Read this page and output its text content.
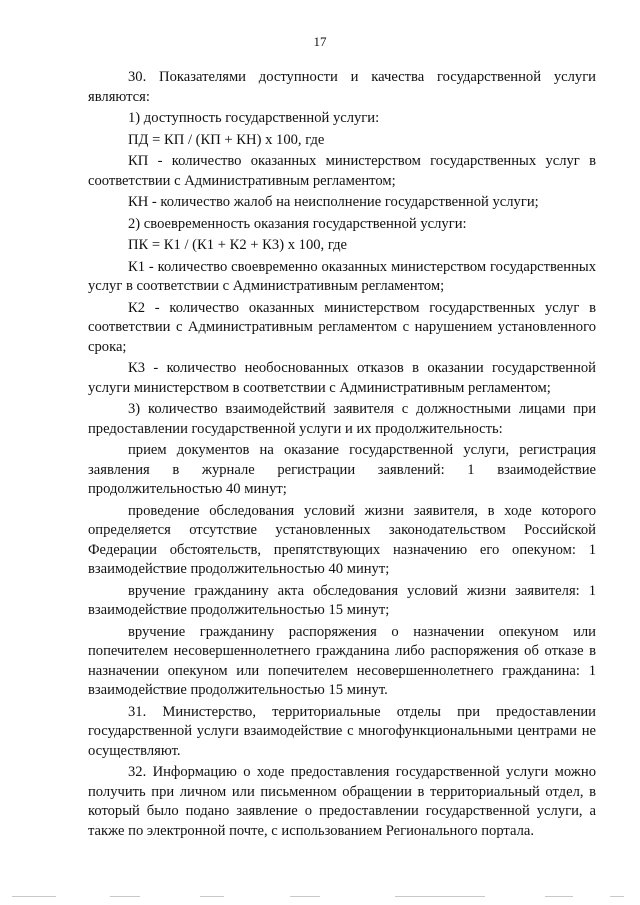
17

30. Показателями доступности и качества государственной услуги являются:

1) доступность государственной услуги:

ПД = КП / (КП + КН) х 100, где

КП - количество оказанных министерством государственных услуг в соответствии с Административным регламентом;

КН - количество жалоб на неисполнение государственной услуги;

2) своевременность оказания государственной услуги:

ПК = К1 / (К1 + К2 + К3) х 100, где

К1 - количество своевременно оказанных министерством государственных услуг в соответствии с Административным регламентом;

К2 - количество оказанных министерством государственных услуг в соответствии с Административным регламентом с нарушением установленного срока;

К3 - количество необоснованных отказов в оказании государственной услуги министерством в соответствии с Административным регламентом;

3) количество взаимодействий заявителя с должностными лицами при предоставлении государственной услуги и их продолжительность:

прием документов на оказание государственной услуги, регистрация заявления в журнале регистрации заявлений: 1 взаимодействие продолжительностью 40 минут;

проведение обследования условий жизни заявителя, в ходе которого определяется отсутствие установленных законодательством Российской Федерации обстоятельств, препятствующих назначению его опекуном: 1 взаимодействие продолжительностью 40 минут;

вручение гражданину акта обследования условий жизни заявителя: 1 взаимодействие продолжительностью 15 минут;

вручение гражданину распоряжения о назначении опекуном или попечителем несовершеннолетнего гражданина либо распоряжения об отказе в назначении опекуном или попечителем несовершеннолетнего гражданина: 1 взаимодействие продолжительностью 15 минут.

31. Министерство, территориальные отделы при предоставлении государственной услуги взаимодействие с многофункциональными центрами не осуществляют.

32. Информацию о ходе предоставления государственной услуги можно получить при личном или письменном обращении в территориальный отдел, в который было подано заявление о предоставлении государственной услуги, а также по электронной почте, с использованием Регионального портала.
